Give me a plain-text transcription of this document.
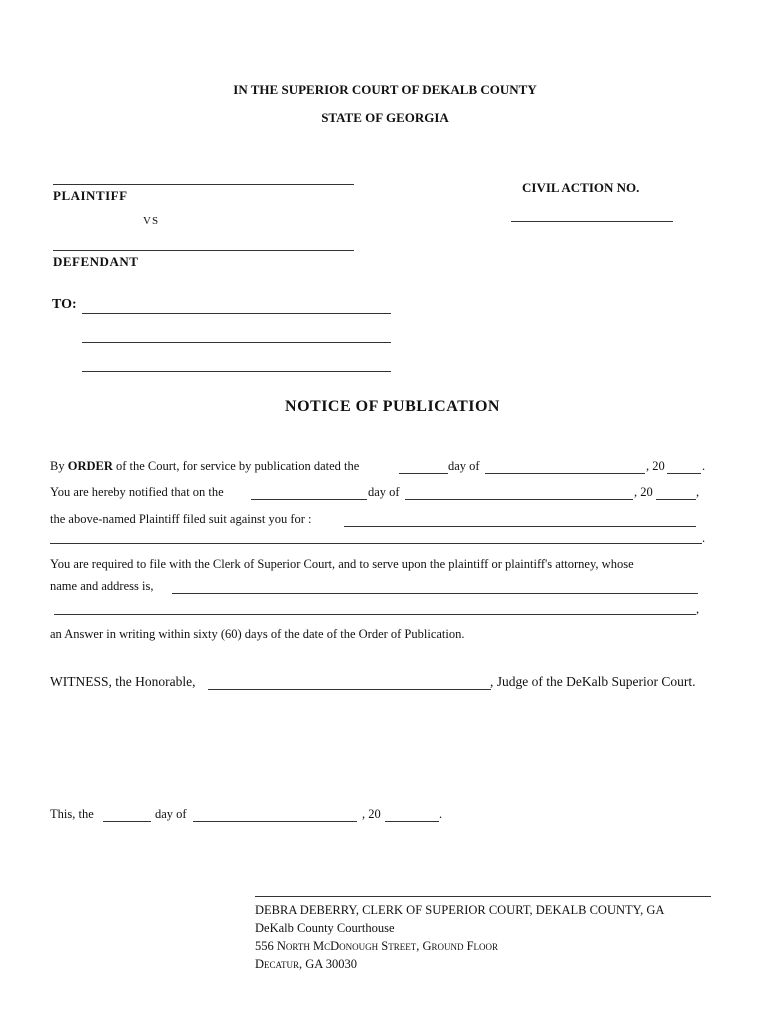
IN THE SUPERIOR COURT OF DEKALB COUNTY
STATE OF GEORGIA
PLAINTIFF
VS
DEFENDANT
CIVIL ACTION NO.
TO:
NOTICE OF PUBLICATION
By ORDER of the Court, for service by publication dated the	day of	, 20	.
You are hereby notified that on the	day of	, 20	,
the above-named Plaintiff filed suit against you for :
.
You are required to file with the Clerk of Superior Court, and to serve upon the plaintiff or plaintiff's attorney, whose
name and address is,
,
an Answer in writing within sixty (60) days of the date of the Order of Publication.
WITNESS, the Honorable,	, Judge of the DeKalb Superior Court.
This, the	day of	, 20	.
DEBRA DEBERRY, CLERK OF SUPERIOR COURT, DEKALB COUNTY, GA
DeKalb County Courthouse
556 North McDonough Street, Ground Floor
Decatur, GA 30030
